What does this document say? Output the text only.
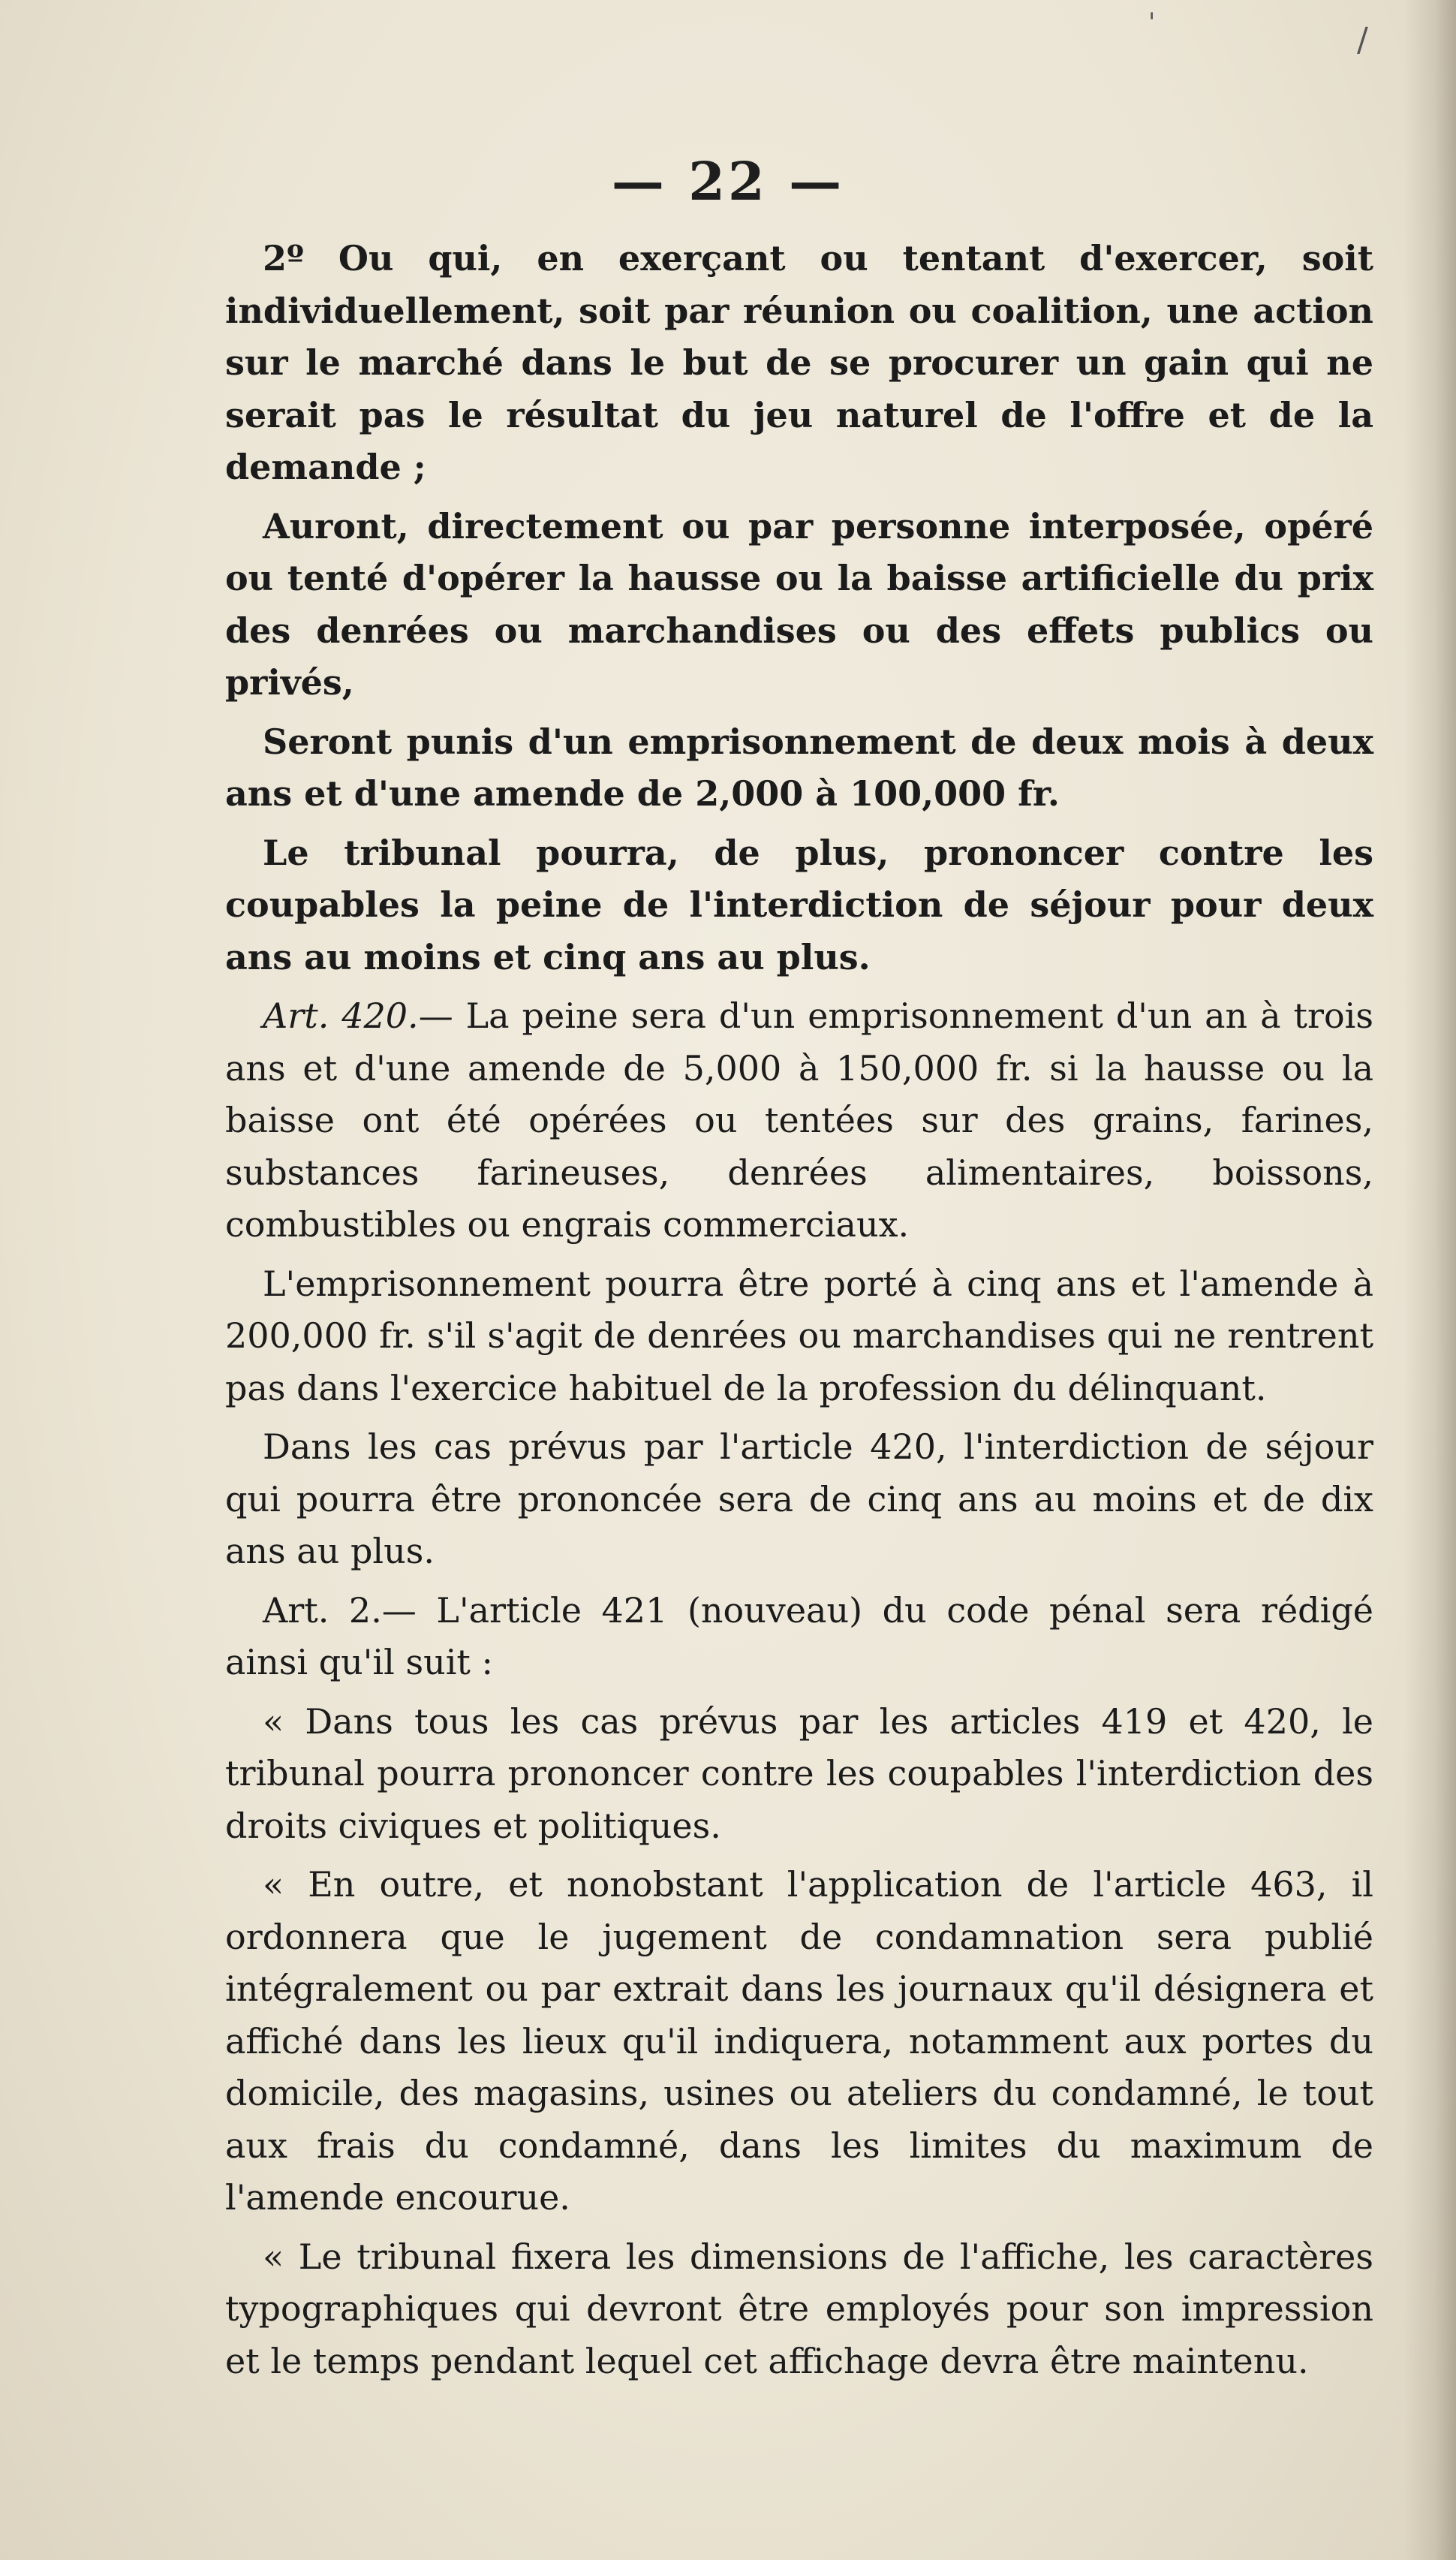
'	/
— 22 —

2º Ou qui, en exerçant ou tentant d'exercer, soit individuellement, soit par réunion ou coalition, une action sur le marché dans le but de se procurer un gain qui ne serait pas le résultat du jeu naturel de l'offre et de la demande ;

Auront, directement ou par personne interposée, opéré ou tenté d'opérer la hausse ou la baisse artificielle du prix des denrées ou marchandises ou des effets publics ou privés,

Seront punis d'un emprisonnement de deux mois à deux ans et d'une amende de 2,000 à 100,000 fr.

Le tribunal pourra, de plus, prononcer contre les coupables la peine de l'interdiction de séjour pour deux ans au moins et cinq ans au plus.

Art. 420.— La peine sera d'un emprisonnement d'un an à trois ans et d'une amende de 5,000 à 150,000 fr. si la hausse ou la baisse ont été opérées ou tentées sur des grains, farines, substances farineuses, denrées alimentaires, boissons, combustibles ou engrais commerciaux.

L'emprisonnement pourra être porté à cinq ans et l'amende à 200,000 fr. s'il s'agit de denrées ou marchandises qui ne rentrent pas dans l'exercice habituel de la profession du délinquant.

Dans les cas prévus par l'article 420, l'interdiction de séjour qui pourra être prononcée sera de cinq ans au moins et de dix ans au plus.

Art. 2.— L'article 421 (nouveau) du code pénal sera rédigé ainsi qu'il suit :

« Dans tous les cas prévus par les articles 419 et 420, le tribunal pourra prononcer contre les coupables l'interdiction des droits civiques et politiques.

« En outre, et nonobstant l'application de l'article 463, il ordonnera que le jugement de condamnation sera publié intégralement ou par extrait dans les journaux qu'il désignera et affiché dans les lieux qu'il indiquera, notamment aux portes du domicile, des magasins, usines ou ateliers du condamné, le tout aux frais du condamné, dans les limites du maximum de l'amende encourue.

« Le tribunal fixera les dimensions de l'affiche, les caractères typographiques qui devront être employés pour son impression et le temps pendant lequel cet affichage devra être maintenu.
